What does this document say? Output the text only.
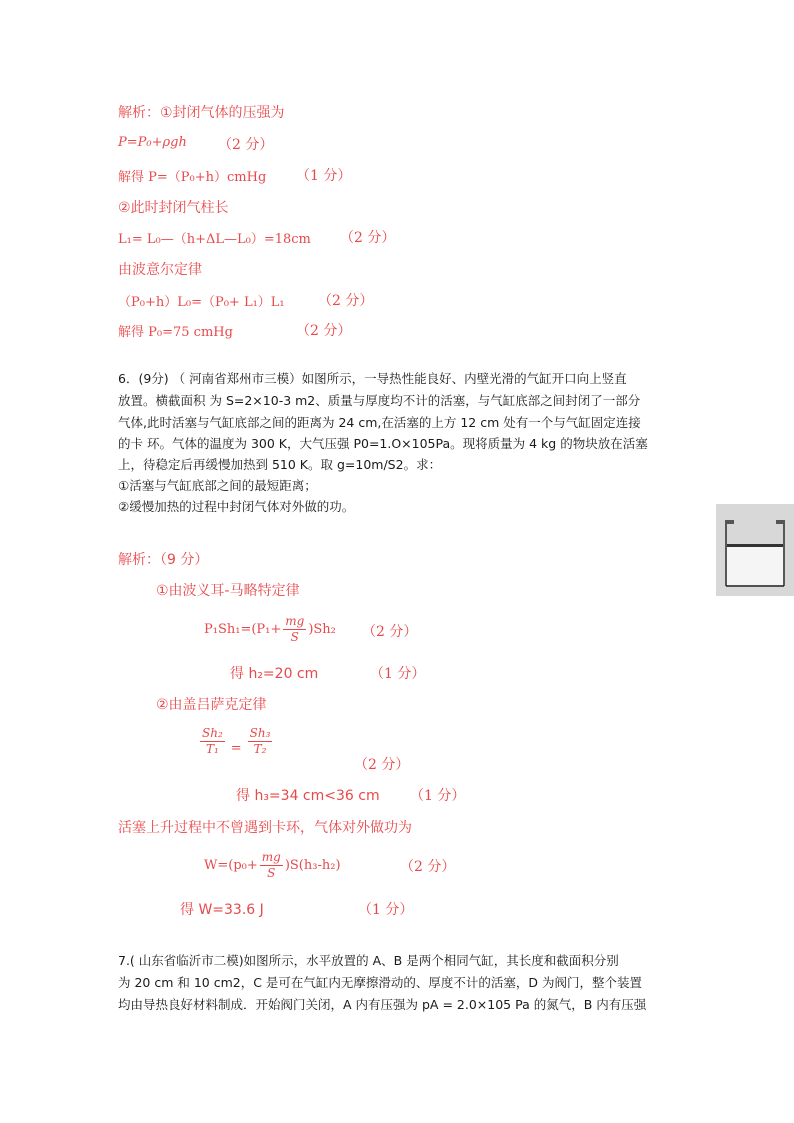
解析：①封闭气体的压强为
P=P₀+ρgh （2 分）
解得 P=（P₀+h）cmHg （1 分）
②此时封闭气柱长
L₁= L₀—（h+ΔL—L₀）=18cm （2 分）
由波意尔定律
（P₀+h）L₀=（P₀+ L₁）L₁ （2 分）
解得 P₀=75 cmHg	（2 分）
6．(9分) （ 河南省郑州市三模）如图所示，一导热性能良好、内壁光滑的气缸开口向上竖直
放置。横截面积 为 S=2×10-3 m2、质量与厚度均不计的活塞，与气缸底部之间封闭了一部分
气体,此时活塞与气缸底部之间的距离为 24 cm,在活塞的上方 12 cm 处有一个与气缸固定连接
的卡 环。气体的温度为 300 K，大气压强 P0=1.O×105Pa。现将质量为 4 kg 的物块放在活塞
上，待稳定后再缓慢加热到 510 K。取 g=10m/S2。求：
①活塞与气缸底部之间的最短距离；
②缓慢加热的过程中封闭气体对外做的功。
解析：（9 分）
①由波义耳-马略特定律
$P_1Sh_1=(P_1+ \frac{mg}{S} )Sh_2$ （2 分）
得 h₂=20 cm	（1 分）
②由盖吕萨克定律
$\frac{\text{Sh₂}}{\text{T₁}} = \frac{\text{Sh₃}}{\text{T₂}}$
（2 分）
得 h₃=34 cm<36 cm （1 分）
活塞上升过程中不曾遇到卡环，气体对外做功为
$W=(p_0+ \frac{mg}{S} )S(h_3-h_2)$	（2 分）
得 W=33.6 J	（1 分）
7.( 山东省临沂市二模)如图所示，水平放置的 A、B 是两个相同气缸，其长度和截面积分别
为 20 cm 和 10 cm2，C 是可在气缸内无摩擦滑动的、厚度不计的活塞，D 为阀门，整个装置
均由导热良好材料制成．开始阀门关闭，A 内有压强为 pA = 2.0×105 Pa 的氮气，B 内有压强
